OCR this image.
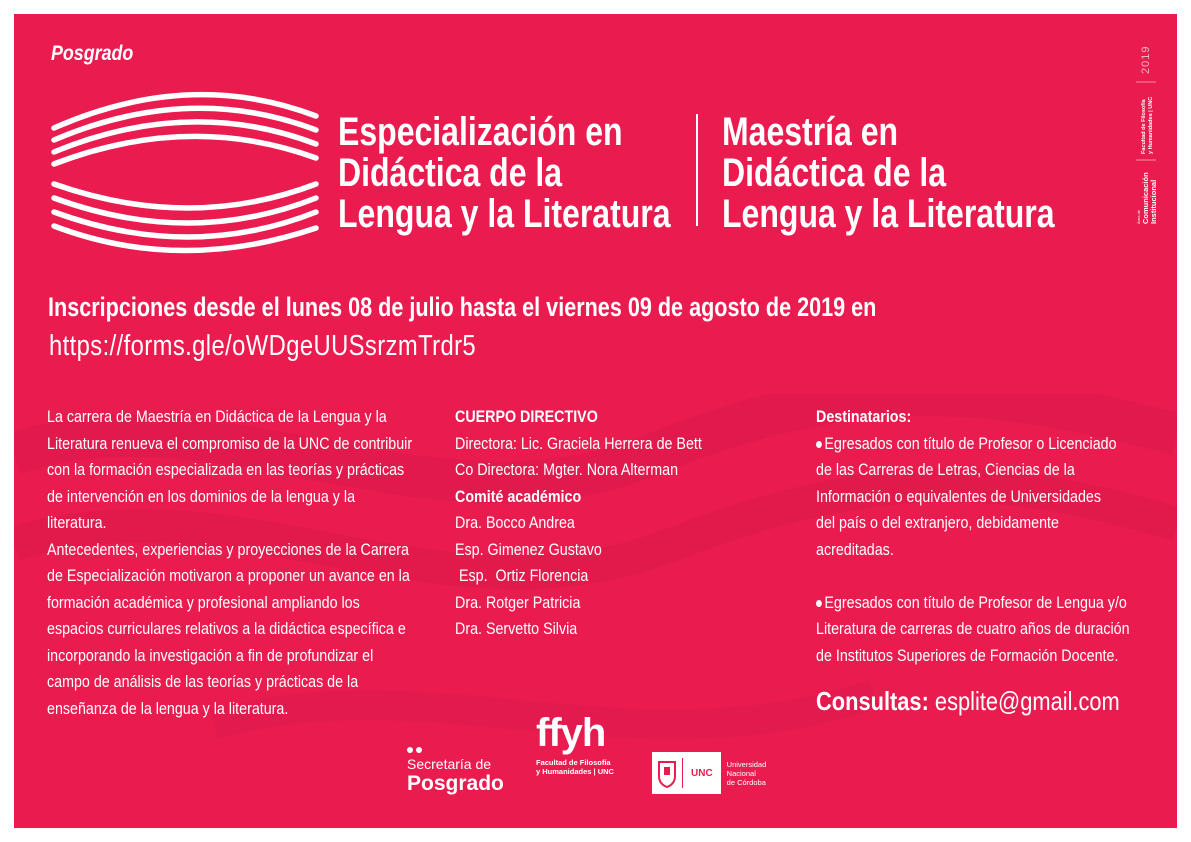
Posgrado
Especialización en
Didáctica de la
Lengua y la Literatura
Maestría en
Didáctica de la
Lengua y la Literatura
Inscripciones desde el lunes 08 de julio hasta el viernes 09 de agosto de 2019 en
https://forms.gle/oWDgeUUSsrzmTrdr5

La carrera de Maestría en Didáctica de la Lengua y la

Literatura renueva el compromiso de la UNC de contribuir

con la formación especializada en las teorías y prácticas

de intervención en los dominios de la lengua y la

literatura.

Antecedentes, experiencias y proyecciones de la Carrera

de Especialización motivaron a proponer un avance en la

formación académica y profesional ampliando los

espacios curriculares relativos a la didáctica específica e

incorporando la investigación a fin de profundizar el

campo de análisis de las teorías y prácticas de la

enseñanza de la lengua y la literatura.

CUERPO DIRECTIVO
Directora: Lic. Graciela Herrera de Bett
Co Directora: Mgter. Nora Alterman
Comité académico
Dra. Bocco Andrea
Esp. Gimenez Gustavo
Esp.  Ortiz Florencia
Dra. Rotger Patricia
Dra. Servetto Silvia
Destinatarios:
Egresados con título de Profesor o Licenciado
de las Carreras de Letras, Ciencias de la
Información o equivalentes de Universidades
del país o del extranjero, debidamente
acreditadas.
Egresados con título de Profesor de Lengua y/o
Literatura de carreras de cuatro años de duración
de Institutos Superiores de Formación Docente.
Consultas: esplite@gmail.com
2019
Facultad de Filosofía y Humanidades | UNC
Área de Comunicación Institucional
Secretaría de
Posgrado
ffyh
Facultad de Filosofía
y Humanidades | UNC	UNC
Universidad
Nacional
de Córdoba
